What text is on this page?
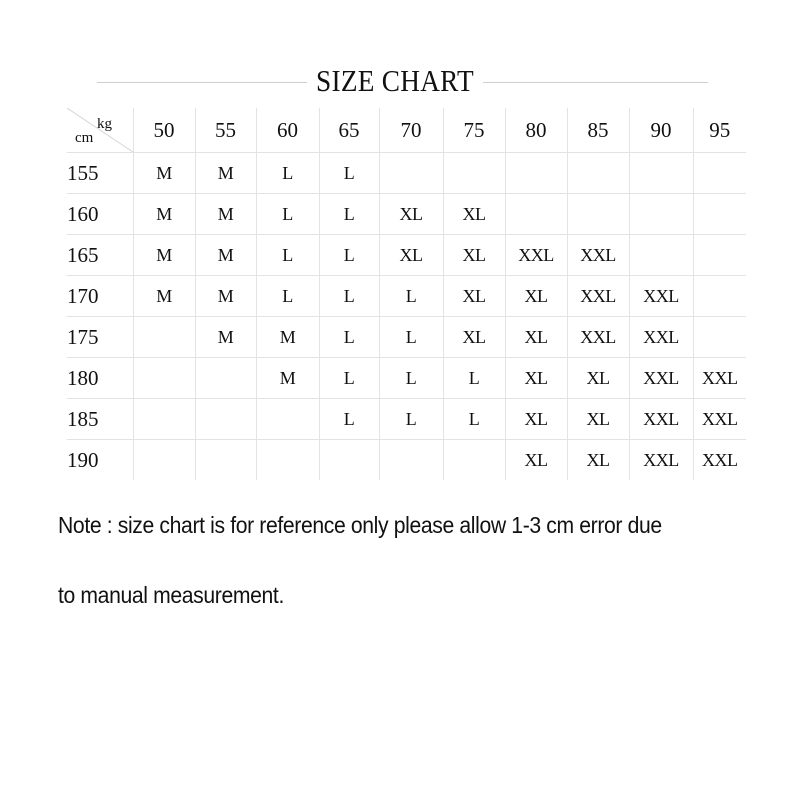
SIZE CHART
kg
cm	50	55	60	65	70	75	80	85	90	95
155	M	M	L	L						
160	M	M	L	L	XL	XL				
165	M	M	L	L	XL	XL	XXL	XXL		
170	M	M	L	L	L	XL	XL	XXL	XXL	
175		M	M	L	L	XL	XL	XXL	XXL	
180			M	L	L	L	XL	XL	XXL	XXL
185				L	L	L	XL	XL	XXL	XXL
190							XL	XL	XXL	XXL
Note : size chart is for reference only please allow 1-3 cm error due
to manual measurement.
